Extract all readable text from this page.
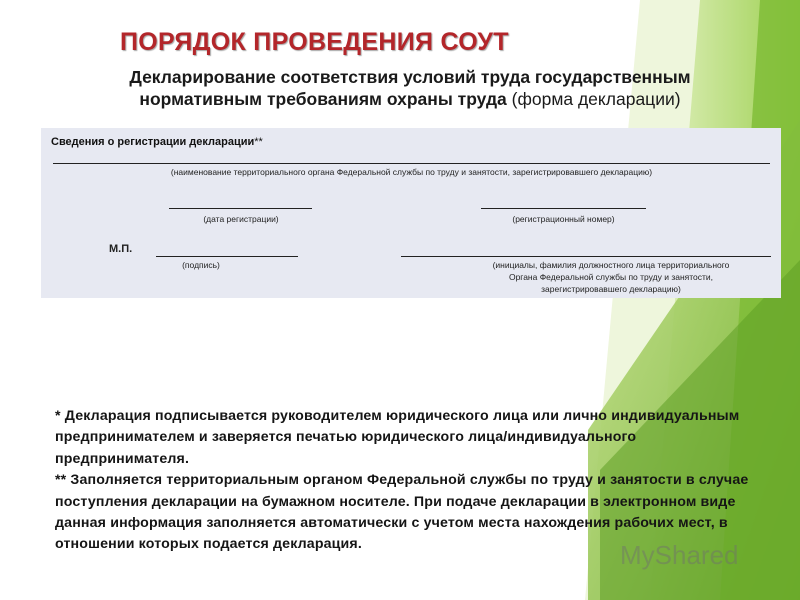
ПОРЯДОК ПРОВЕДЕНИЯ СОУТ
Декларирование соответствия условий труда государственным нормативным требованиям охраны труда (форма декларации)
Сведения о регистрации декларации**
(наименование территориального органа Федеральной службы по труду и занятости, зарегистрировавшего декларацию)
(дата регистрации)	(регистрационный номер)
М.П.
(подпись)	(инициалы, фамилия должностного лица территориального
Органа Федеральной службы по труду и занятости,
зарегистрировавшего декларацию)

* Декларация подписывается руководителем юридического лица или лично индивидуальным предпринимателем и заверяется печатью юридического лица/индивидуального предпринимателя.

** Заполняется территориальным органом Федеральной службы по труду и занятости в случае поступления декларации на бумажном носителе. При подаче декларации в электронном виде данная информация заполняется автоматически с учетом места нахождения рабочих мест, в отношении которых подается декларация.	MyShared
